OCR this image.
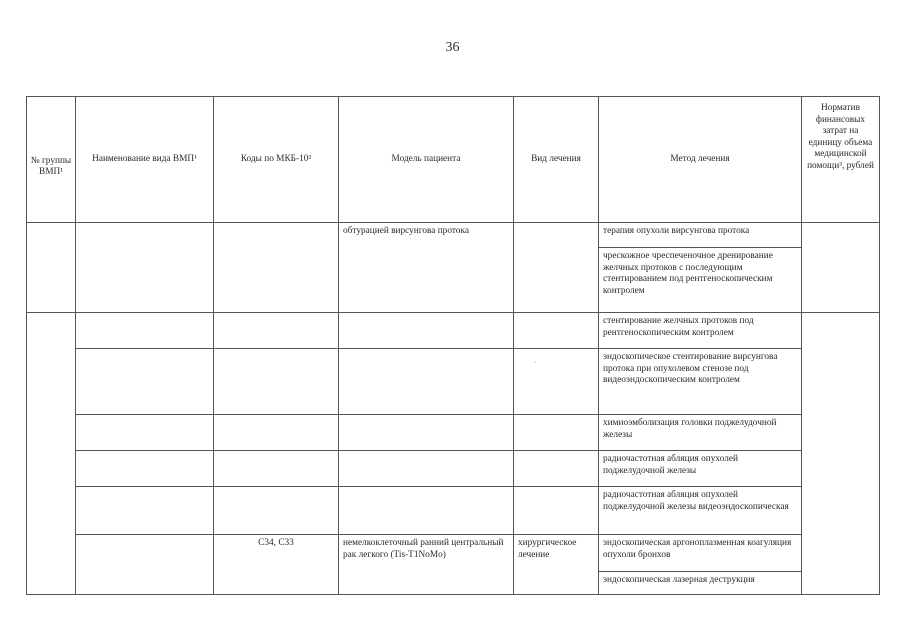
36
№ группы ВМП¹	Наименование вида ВМП¹	Коды по МКБ-10²	Модель пациента	Вид лечения	Метод лечения	Норматив финансовых затрат на единицу объема медицинской помощи³, рублей
			обтурацией вирсунгова протока		терапия опухоли вирсунгова протока	
					чрескожное чреспеченочное дренирование желчных протоков с последующим стентированием под рентгеноскопическим контролем	
					стентирование желчных протоков под рентгеноскопическим контролем	
					эндоскопическое стентирование вирсунгова протока при опухолевом стенозе под видеоэндоскопическим контролем	
					химиоэмболизация головки поджелудочной железы	
					радиочастотная абляция опухолей поджелудочной железы	
					радиочастотная абляция опухолей поджелудочной железы видеоэндоскопическая	
		С34, С33	немелкоклеточный ранний центральный рак легкого (Tis-T1NoMo)	хирургическое лечение	эндоскопическая аргоноплазменная коагуляция опухоли бронхов	
					эндоскопическая лазерная деструкция	
·
